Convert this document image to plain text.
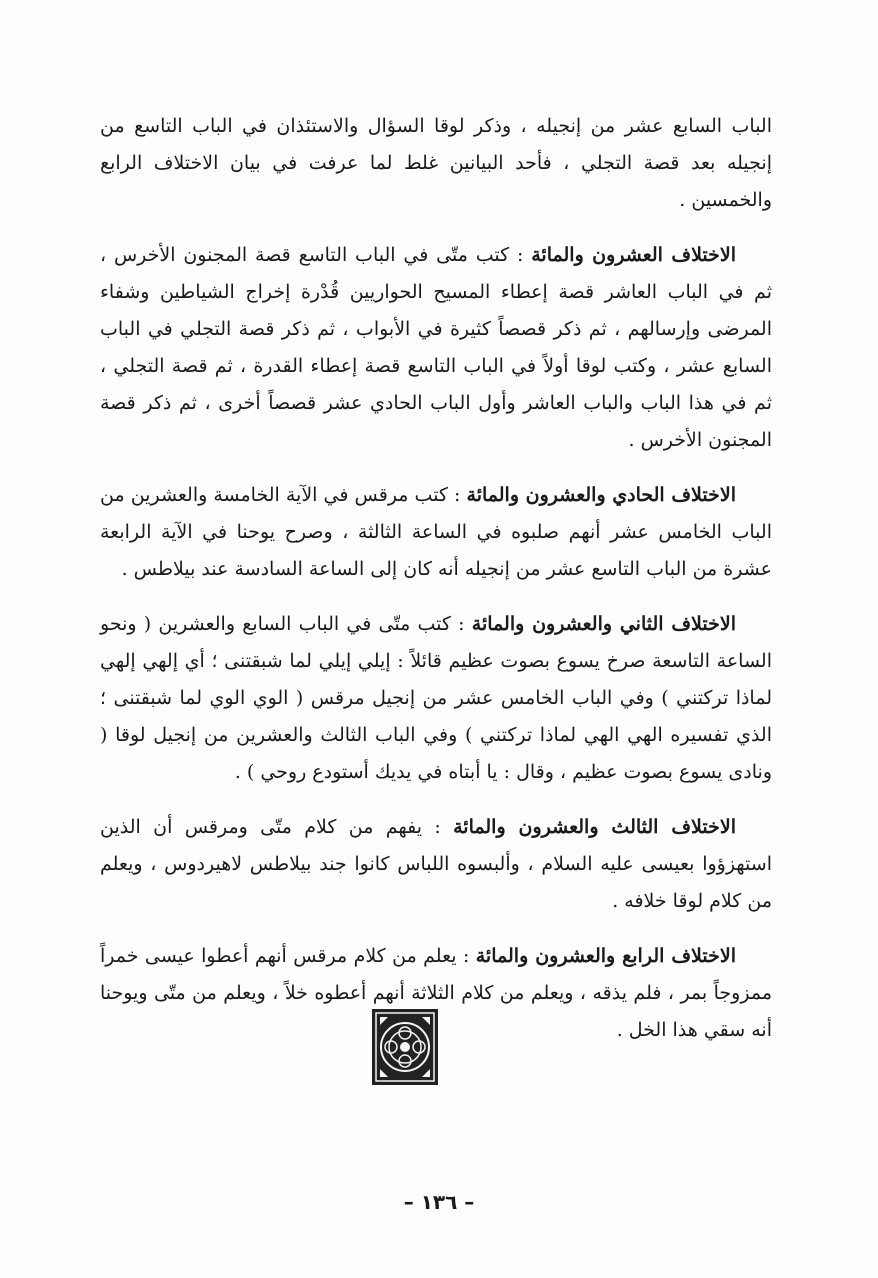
الباب السابع عشر من إنجيله ، وذكر لوقا السؤال والاستئذان في الباب التاسع من إنجيله بعد قصة التجلي ، فأحد البيانين غلط لما عرفت في بيان الاختلاف الرابع والخمسين .

الاختلاف العشرون والمائة : كتب متّى في الباب التاسع قصة المجنون الأخرس ، ثم في الباب العاشر قصة إعطاء المسيح الحواريين قُدْرة إخراج الشياطين وشفاء المرضى وإرسالهم ، ثم ذكر قصصاً كثيرة في الأبواب ، ثم ذكر قصة التجلي في الباب السابع عشر ، وكتب لوقا أولاً في الباب التاسع قصة إعطاء القدرة ، ثم قصة التجلي ، ثم في هذا الباب والباب العاشر وأول الباب الحادي عشر قصصاً أخرى ، ثم ذكر قصة المجنون الأخرس .

الاختلاف الحادي والعشرون والمائة : كتب مرقس في الآية الخامسة والعشرين من الباب الخامس عشر أنهم صلبوه في الساعة الثالثة ، وصرح يوحنا في الآية الرابعة عشرة من الباب التاسع عشر من إنجيله أنه كان إلى الساعة السادسة عند بيلاطس .

الاختلاف الثاني والعشرون والمائة : كتب متّى في الباب السابع والعشرين ( ونحو الساعة التاسعة صرخ يسوع بصوت عظيم قائلاً : إيلي إيلي لما شبقتنى ؛ أي إلهي إلهي لماذا تركتني ) وفي الباب الخامس عشر من إنجيل مرقس ( الوي الوي لما شبقتنى ؛ الذي تفسيره الهي الهي لماذا تركتني ) وفي الباب الثالث والعشرين من إنجيل لوقا ( ونادى يسوع بصوت عظيم ، وقال : يا أبتاه في يديك أستودع روحي ) .

الاختلاف الثالث والعشرون والمائة : يفهم من كلام متّى ومرقس أن الذين استهزؤوا بعيسى عليه السلام ، وألبسوه اللباس كانوا جند بيلاطس لاهيردوس ، ويعلم من كلام لوقا خلافه .

الاختلاف الرابع والعشرون والمائة : يعلم من كلام مرقس أنهم أعطوا عيسى خمراً ممزوجاً بمر ، فلم يذقه ، ويعلم من كلام الثلاثة أنهم أعطوه خلاً ، ويعلم من متّى ويوحنا أنه سقي هذا الخل .

– ١٣٦ –
